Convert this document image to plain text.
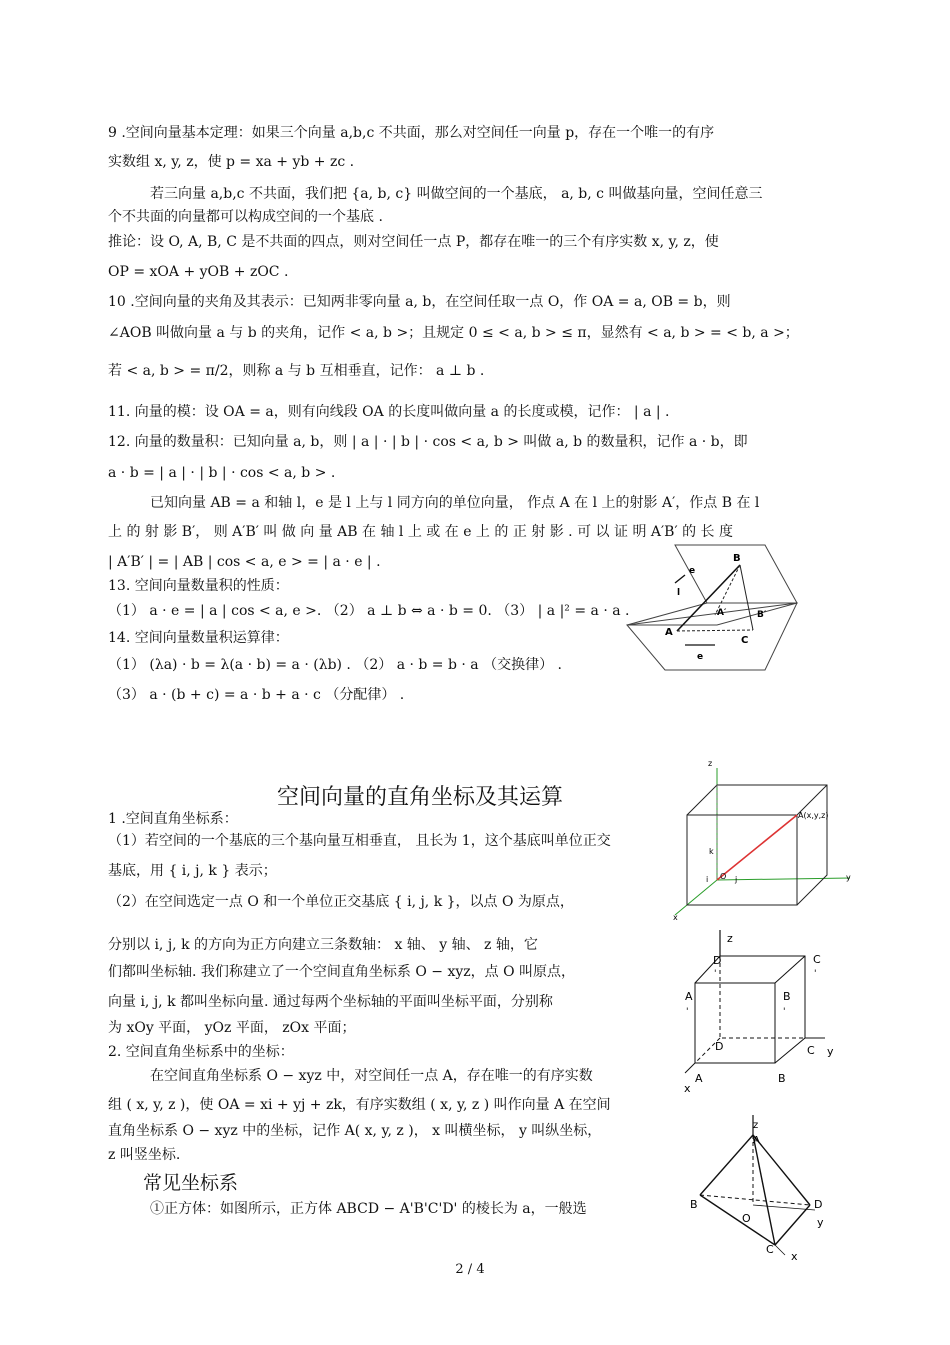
9 .空间向量基本定理：如果三个向量 a,b,c 不共面，那么对空间任一向量 p，存在一个唯一的有序
实数组 x, y, z，使 p = xa + yb + zc .
若三向量 a,b,c 不共面，我们把 {a, b, c} 叫做空间的一个基底， a, b, c 叫做基向量，空间任意三
个不共面的向量都可以构成空间的一个基底 .
推论：设 O, A, B, C 是不共面的四点，则对空间任一点 P，都存在唯一的三个有序实数 x, y, z，使
OP = xOA + yOB + zOC .
10 .空间向量的夹角及其表示：已知两非零向量 a, b，在空间任取一点 O，作 OA = a, OB = b，则
∠AOB 叫做向量 a 与 b 的夹角，记作 < a, b >；且规定 0 ≤ < a, b > ≤ π，显然有 < a, b > = < b, a >；
若 < a, b > = π/2，则称 a 与 b 互相垂直，记作： a ⊥ b .
11. 向量的模：设 OA = a，则有向线段 OA 的长度叫做向量 a 的长度或模，记作： | a | .
12. 向量的数量积：已知向量 a, b，则 | a | · | b | · cos < a, b > 叫做 a, b 的数量积，记作 a · b，即
a · b = | a | · | b | · cos < a, b > .
已知向量 AB = a 和轴 l，e 是 l 上与 l 同方向的单位向量， 作点 A 在 l 上的射影 A′，作点 B 在 l
上 的 射 影 B′， 则 A′B′ 叫 做 向 量 AB 在 轴 l 上 或 在 e 上 的 正 射 影 . 可 以 证 明 A′B′ 的 长 度
| A′B′ | = | AB | cos < a, e > = | a · e | .
13. 空间向量数量积的性质：
（1） a · e = | a | cos < a, e >. （2） a ⊥ b ⇔ a · b = 0. （3） | a |² = a · a .
14. 空间向量数量积运算律：
（1） (λa) · b = λ(a · b) = a · (λb) . （2） a · b = b · a （交换律） .
（3） a · (b + c) = a · b + a · c （分配律） .
B
e
l
A′	B′
A
e
C
空间向量的直角坐标及其运算
1 .空间直角坐标系：
（1）若空间的一个基底的三个基向量互相垂直， 且长为 1，这个基底叫单位正交
基底，用 { i, j, k } 表示；
（2）在空间选定一点 O 和一个单位正交基底 { i, j, k }，以点 O 为原点，
分别以 i, j, k 的方向为正方向建立三条数轴： x 轴、 y 轴、 z 轴，它
们都叫坐标轴. 我们称建立了一个空间直角坐标系 O − xyz，点 O 叫原点，
向量 i, j, k 都叫坐标向量. 通过每两个坐标轴的平面叫坐标平面，分别称
为 xOy 平面， yOz 平面， zOx 平面；
2. 空间直角坐标系中的坐标：
在空间直角坐标系 O − xyz 中，对空间任一点 A，存在唯一的有序实数
组 ( x, y, z )，使 OA = xi + yj + zk，有序实数组 ( x, y, z ) 叫作向量 A 在空间
直角坐标系 O − xyz 中的坐标，记作 A( x, y, z )， x 叫横坐标， y 叫纵坐标，
z 叫竖坐标.
常见坐标系
①正方体：如图所示，正方体 ABCD − A'B'C'D' 的棱长为 a，一般选
z
A(x,y,z)
k
i O j	y
x
z
D
'
C
'
A
'
B
'
D	C y
x
A	B
z
A
B	D
O	y
C
x
2 / 4
